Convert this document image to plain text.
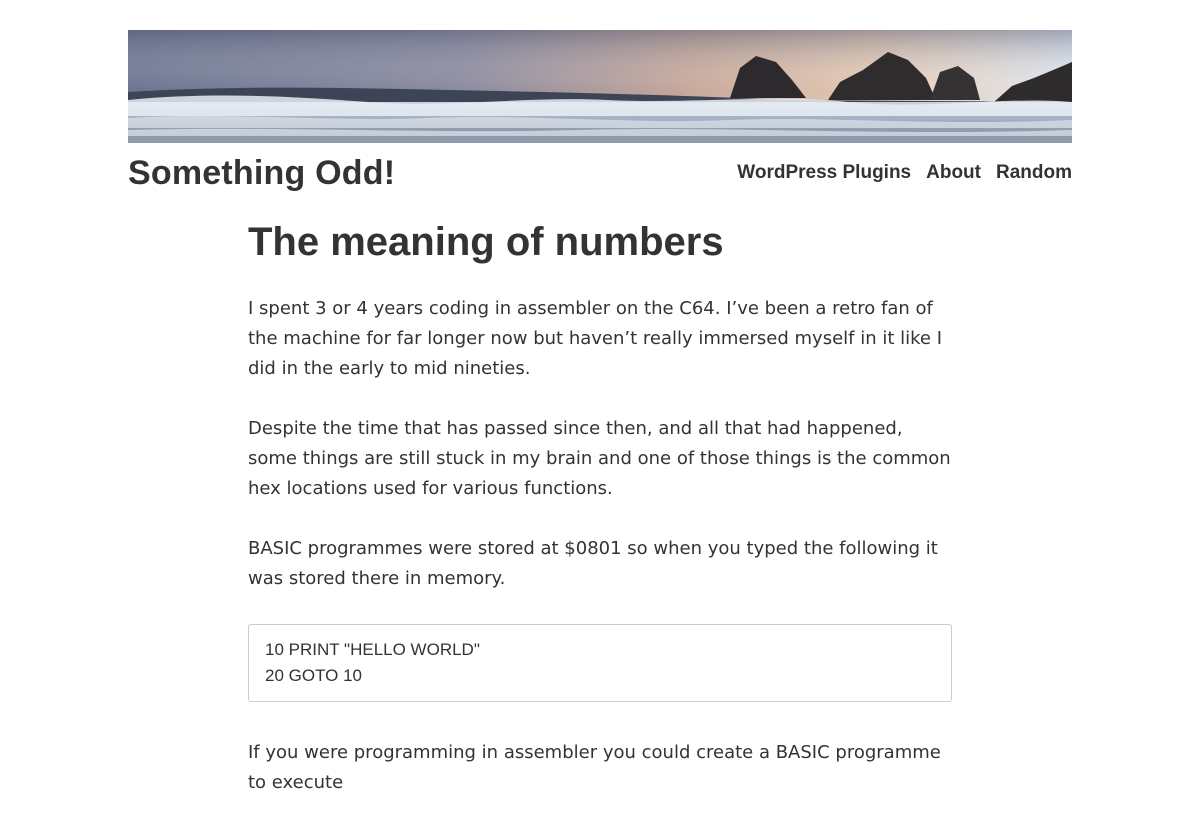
Something Odd!	WordPress Plugins About Random
The meaning of numbers

I spent 3 or 4 years coding in assembler on the C64. I’ve been a retro fan of the machine for far longer now but haven’t really immersed myself in it like I did in the early to mid nineties.

Despite the time that has passed since then, and all that had happened, some things are still stuck in my brain and one of those things is the common hex locations used for various functions.

BASIC programmes were stored at $0801 so when you typed the following it was stored there in memory.

10 PRINT "HELLO WORLD"
20 GOTO 10

If you were programming in assembler you could create a BASIC programme to execute
